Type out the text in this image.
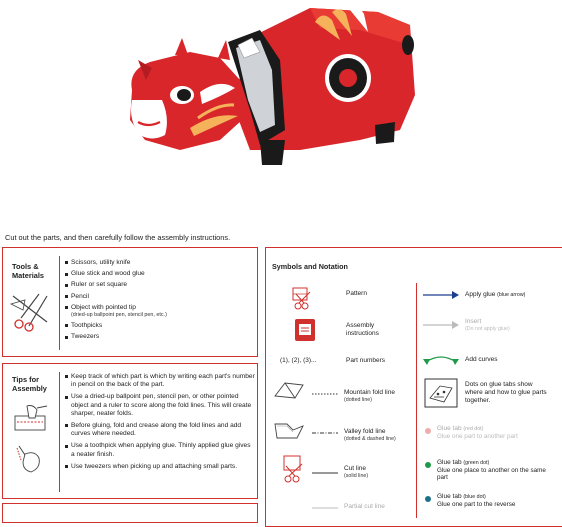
Cut out the parts, and then carefully follow the assembly instructions.
Tools &
Materials
Scissors, utility knife
Glue stick and wood glue
Ruler or set square
Pencil
Object with pointed tip
(dried-up ballpoint pen, stencil pen, etc.)
Toothpicks
Tweezers
Tips for
Assembly
Keep track of which part is which by writing each part's number in pencil on the back of the part.
Use a dried-up ballpoint pen, stencil pen, or other pointed object and a ruler to score along the fold lines. This will create sharper, neater folds.
Before gluing, fold and crease along the fold lines and add curves where needed.
Use a toothpick when applying glue. Thinly applied glue gives a neater finish.
Use tweezers when picking up and attaching small parts.
Symbols and Notation
Pattern
Assembly
instructions
(1), (2), (3)...	Part numbers
Mountain fold line
(dotted line)
Valley fold line
(dotted & dashed line)
Cut line
(solid line)
Partial cut line
Apply glue (blue arrow)
Insert
(Do not apply glue)
Add curves
Dots on glue tabs show where and how to glue parts together.
Glue tab (red dot)
Glue one part to another part
Glue tab (green dot)
Glue one place to another on the same part
Glue tab (blue dot)
Glue one part to the reverse
